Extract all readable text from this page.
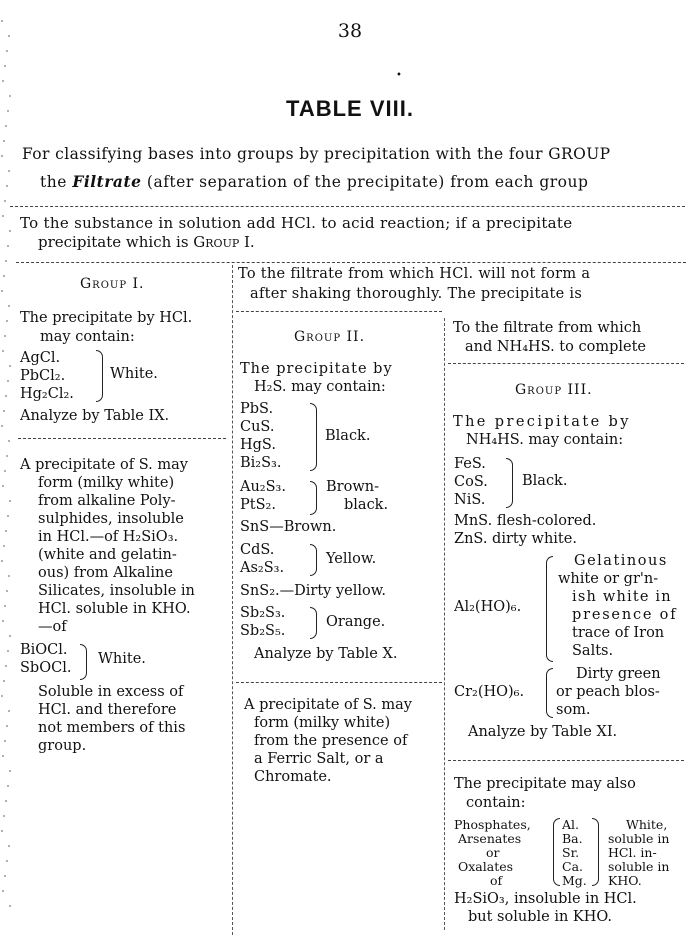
38
•
TABLE VIII.
For classifying bases into groups by precipitation with the four GROUP
the Filtrate (after separation of the precipitate) from each group
To the substance in solution add HCl. to acid reaction; if a precipitate
precipitate which is Group I.
Group I.
The precipitate by HCl.
may contain:
AgCl.
PbCl₂.
Hg₂Cl₂.
White.
Analyze by Table IX.
A precipitate of S. may
form (milky white)
from alkaline Poly-
sulphides, insoluble
in HCl.—of H₂SiO₃.
(white and gelatin-
ous) from Alkaline
Silicates, insoluble in
HCl. soluble in KHO.
—of
BiOCl.
SbOCl.
White.
Soluble in excess of
HCl. and therefore
not members of this
group.
To the filtrate from which HCl. will not form a
after shaking thoroughly. The precipitate is
Group II.
The precipitate by
H₂S. may contain:
PbS.
CuS.
HgS.
Bi₂S₃.
Black.
Au₂S₃.
PtS₂.
Brown-
black.
SnS—Brown.
CdS.
As₂S₃.
Yellow.
SnS₂.—Dirty yellow.
Sb₂S₃.
Sb₂S₅.
Orange.
Analyze by Table X.
A precipitate of S. may
form (milky white)
from the presence of
a Ferric Salt, or a
Chromate.
To the filtrate from which
and NH₄HS. to complete
Group III.
The precipitate by
NH₄HS. may contain:
FeS.
CoS.
NiS.
Black.
MnS. flesh-colored.
ZnS. dirty white.
Al₂(HO)₆.
Gelatinous
white or gr'n-
ish white in
presence of
trace of Iron
Salts.
Cr₂(HO)₆.
Dirty green
or peach blos-
som.
Analyze by Table XI.
The precipitate may also
contain:
Phosphates,
Arsenates
or
Oxalates
of
Al.
Ba.
Sr.
Ca.
Mg.
White,
soluble in
HCl. in-
soluble in
KHO.
H₂SiO₃, insoluble in HCl.
but soluble in KHO.
